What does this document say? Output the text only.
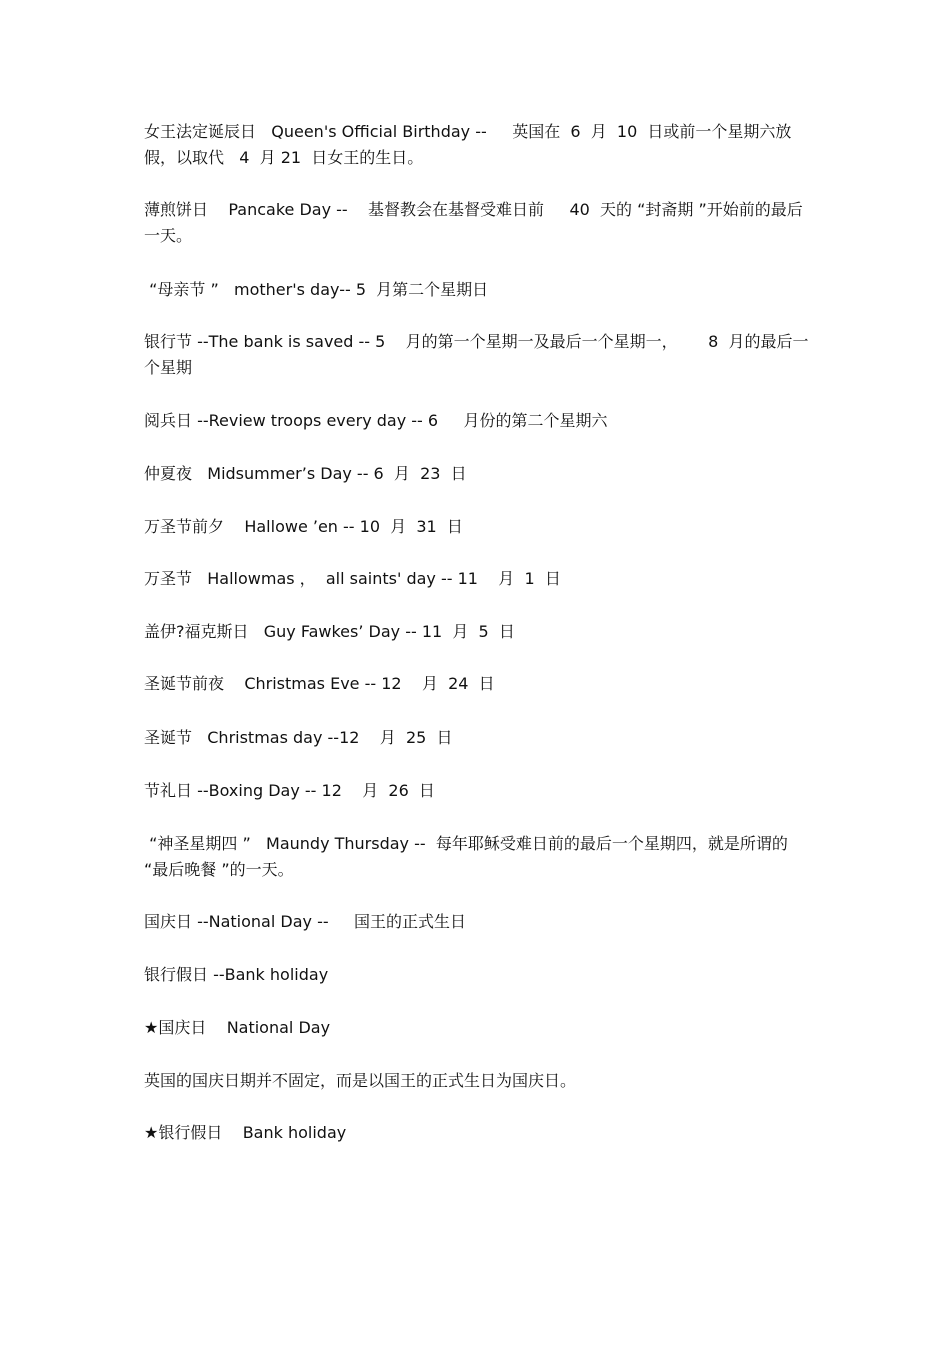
女王法定诞辰日   Queen's Official Birthday --     英国在  6  月  10  日或前一个星期六放假，以取代   4  月 21  日女王的生日。

薄煎饼日    Pancake Day --    基督教会在基督受难日前     40  天的 “封斋期 ”开始前的最后一天。

“母亲节 ”   mother's day-- 5  月第二个星期日

银行节 --The bank is saved -- 5    月的第一个星期一及最后一个星期一，      8  月的最后一个星期

阅兵日 --Review troops every day -- 6     月份的第二个星期六

仲夏夜   Midsummer’s Day -- 6  月  23  日

万圣节前夕    Hallowe ’en -- 10  月  31  日

万圣节   Hallowmas ，  all saints' day -- 11    月  1  日

盖伊?福克斯日   Guy Fawkes’ Day -- 11  月  5  日

圣诞节前夜    Christmas Eve -- 12    月  24  日

圣诞节   Christmas day --12    月  25  日

节礼日 --Boxing Day -- 12    月  26  日

“神圣星期四 ”   Maundy Thursday --  每年耶稣受难日前的最后一个星期四，就是所谓的 “最后晚餐 ”的一天。

国庆日 --National Day --     国王的正式生日

银行假日 --Bank holiday

★国庆日    National Day

英国的国庆日期并不固定，而是以国王的正式生日为国庆日。

★银行假日    Bank holiday
